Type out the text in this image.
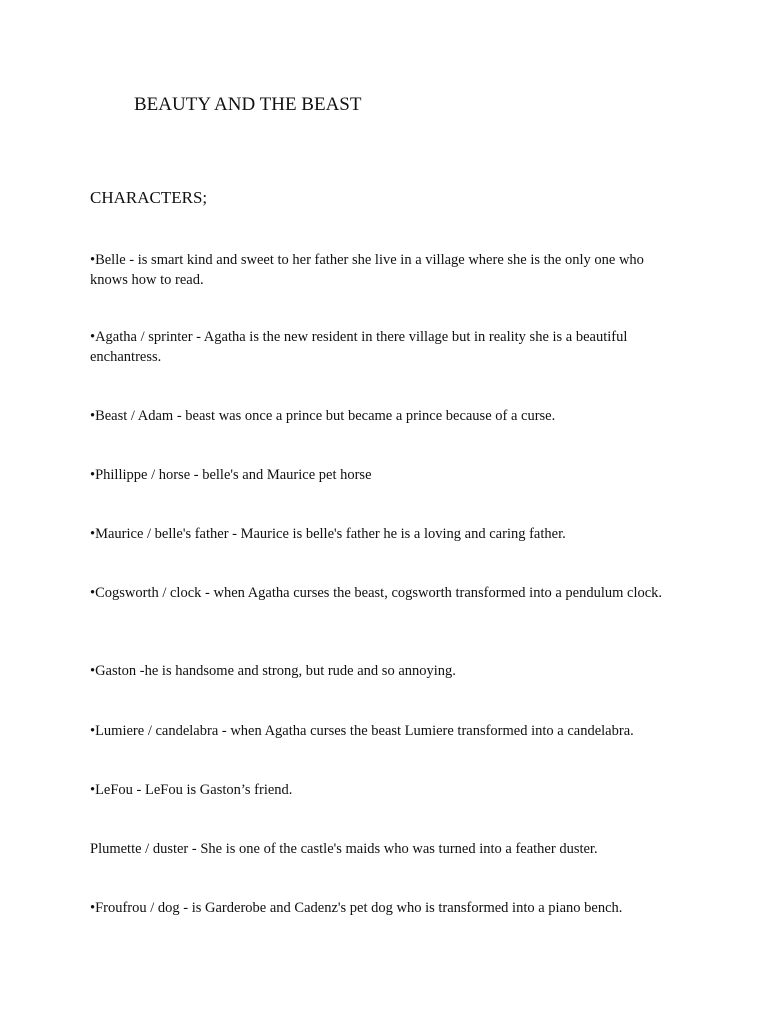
BEAUTY AND THE BEAST
CHARACTERS;

•Belle - is smart kind and sweet to her father she live in a village where she is the only one who knows how to read.

•Agatha / sprinter - Agatha is the new resident in there village but in reality she is a beautiful enchantress.

•Beast / Adam - beast was once a prince but became a prince because of a curse.

•Phillippe / horse - belle's and Maurice pet horse

•Maurice / belle's father - Maurice is belle's father he is a loving and caring father.

•Cogsworth / clock - when Agatha curses the beast, cogsworth transformed into a pendulum clock.

•Gaston -he is handsome and strong, but rude and so annoying.

•Lumiere / candelabra - when Agatha curses the beast Lumiere transformed into a candelabra.

•LeFou - LeFou is Gaston’s friend.

Plumette / duster - She is one of the castle's maids who was turned into a feather duster.

•Froufrou / dog - is Garderobe and Cadenz's pet dog who is transformed into a piano bench.
